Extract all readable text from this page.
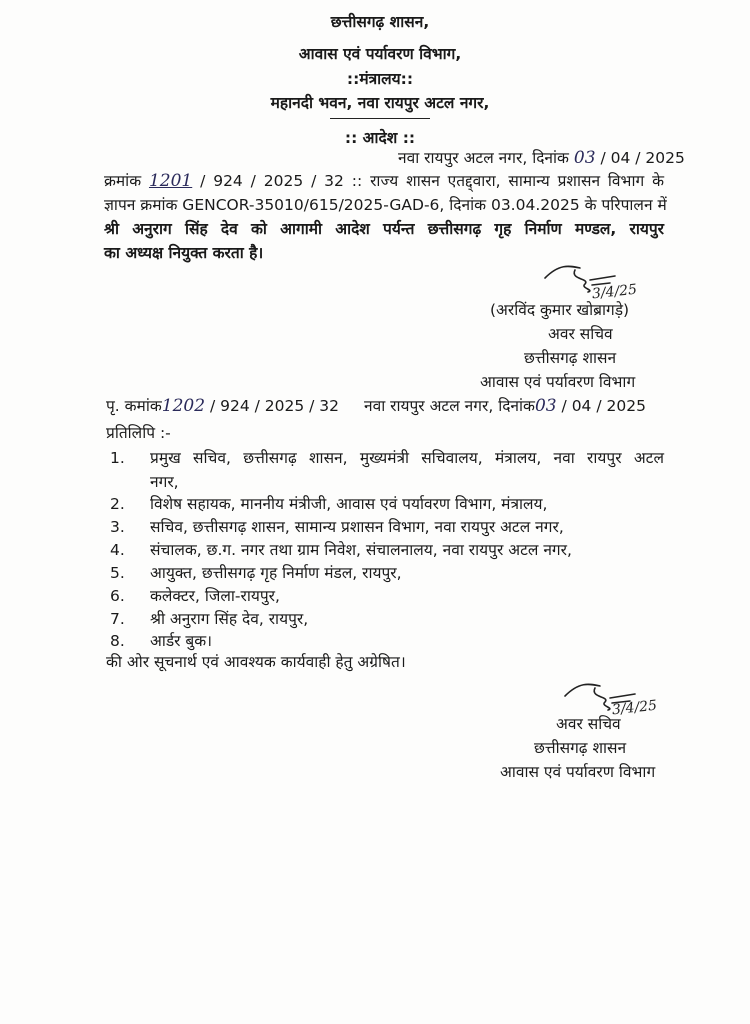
छत्तीसगढ़ शासन,
आवास एवं पर्यावरण विभाग,
::मंत्रालय::
महानदी भवन, नवा रायपुर अटल नगर,
:: आदेश ::
नवा रायपुर अटल नगर, दिनांक 03 / 04 / 2025
क्रमांक 1201 / 924 / 2025 / 32 :: राज्य शासन एतद्द्वारा, सामान्य प्रशासन विभाग के
ज्ञापन क्रमांक GENCOR-35010/615/2025-GAD-6, दिनांक 03.04.2025 के परिपालन में
श्री अनुराग सिंह देव को आगामी आदेश पर्यन्त छत्तीसगढ़ गृह निर्माण मण्डल, रायपुर
का अध्यक्ष नियुक्त करता है।
3/4/25
(अरविंद कुमार खोब्रागड़े)
अवर सचिव
छत्तीसगढ़ शासन
आवास एवं पर्यावरण विभाग
पृ. कमांक1202 / 924 / 2025 / 32 नवा रायपुर अटल नगर, दिनांक03 / 04 / 2025
प्रतिलिपि :-
1. प्रमुख सचिव, छत्तीसगढ़ शासन, मुख्यमंत्री सचिवालय, मंत्रालय, नवा रायपुर अटल
नगर,
2. विशेष सहायक, माननीय मंत्रीजी, आवास एवं पर्यावरण विभाग, मंत्रालय,
3. सचिव, छत्तीसगढ़ शासन, सामान्य प्रशासन विभाग, नवा रायपुर अटल नगर,
4. संचालक, छ.ग. नगर तथा ग्राम निवेश, संचालनालय, नवा रायपुर अटल नगर,
5. आयुक्त, छत्तीसगढ़ गृह निर्माण मंडल, रायपुर,
6. कलेक्टर, जिला-रायपुर,
7. श्री अनुराग सिंह देव, रायपुर,
8. आर्डर बुक।
की ओर सूचनार्थ एवं आवश्यक कार्यवाही हेतु अग्रेषित।
3/4/25
अवर सचिव
छत्तीसगढ़ शासन
आवास एवं पर्यावरण विभाग
